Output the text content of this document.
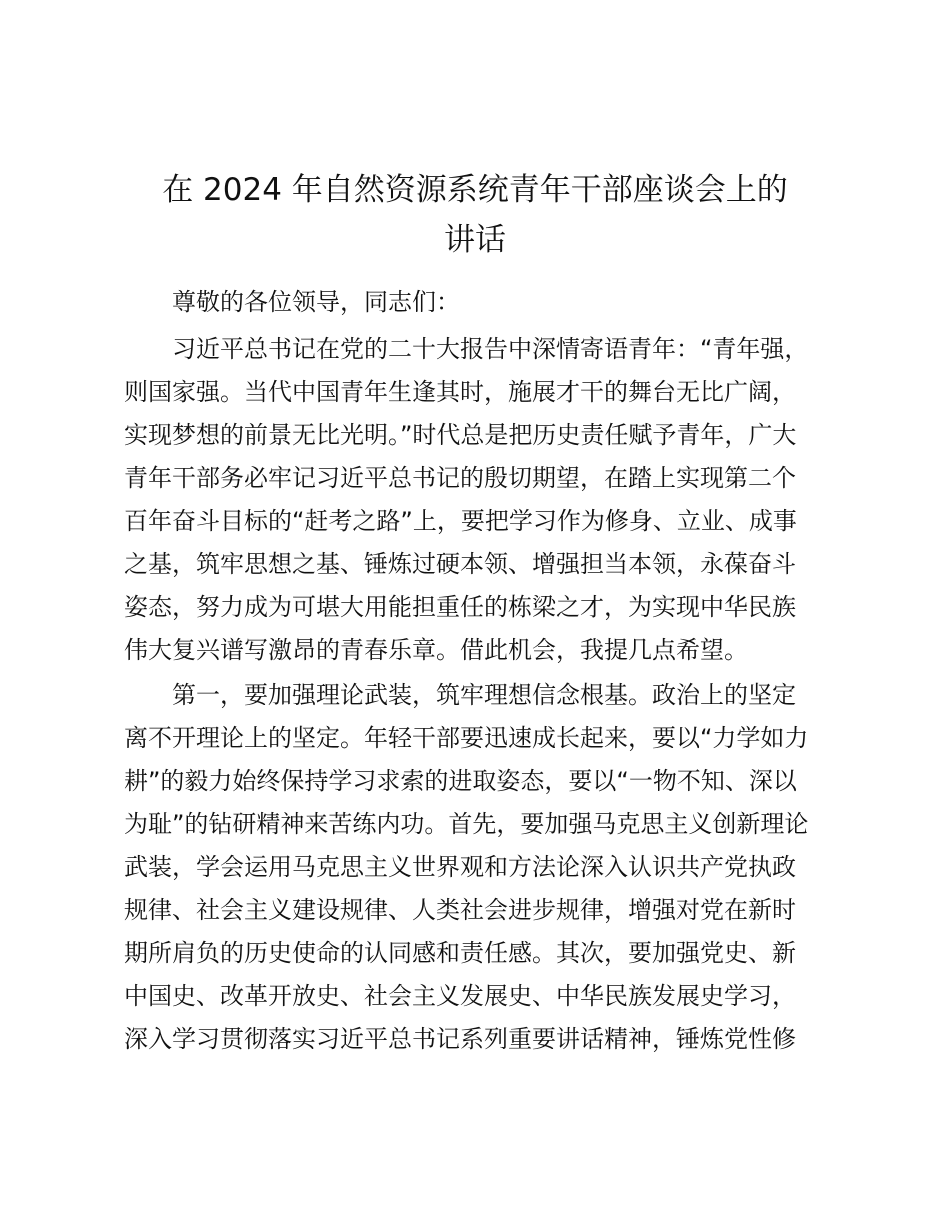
在 2024 年自然资源系统青年干部座谈会上的
讲话

尊敬的各位领导，同志们：

习近平总书记在党的二十大报告中深情寄语青年：“青年强，

则国家强。当代中国青年生逢其时，施展才干的舞台无比广阔，

实现梦想的前景无比光明。”时代总是把历史责任赋予青年，广大

青年干部务必牢记习近平总书记的殷切期望，在踏上实现第二个

百年奋斗目标的“赶考之路”上，要把学习作为修身、立业、成事

之基，筑牢思想之基、锤炼过硬本领、增强担当本领，永葆奋斗

姿态，努力成为可堪大用能担重任的栋梁之才，为实现中华民族

伟大复兴谱写激昂的青春乐章。借此机会，我提几点希望。

第一，要加强理论武装，筑牢理想信念根基。政治上的坚定

离不开理论上的坚定。年轻干部要迅速成长起来，要以“力学如力

耕”的毅力始终保持学习求索的进取姿态，要以“一物不知、深以

为耻”的钻研精神来苦练内功。首先，要加强马克思主义创新理论

武装，学会运用马克思主义世界观和方法论深入认识共产党执政

规律、社会主义建设规律、人类社会进步规律，增强对党在新时

期所肩负的历史使命的认同感和责任感。其次，要加强党史、新

中国史、改革开放史、社会主义发展史、中华民族发展史学习，

深入学习贯彻落实习近平总书记系列重要讲话精神，锤炼党性修
